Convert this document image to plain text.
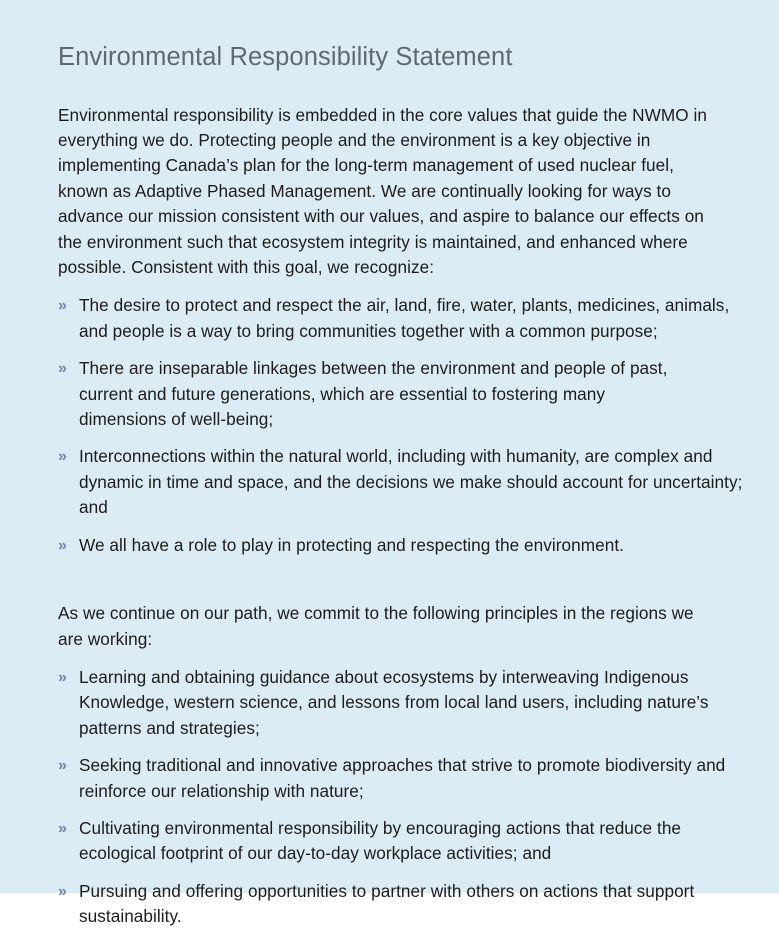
Environmental Responsibility Statement

Environmental responsibility is embedded in the core values that guide the NWMO in everything we do. Protecting people and the environment is a key objective in implementing Canada’s plan for the long-term management of used nuclear fuel, known as Adaptive Phased Management. We are continually looking for ways to advance our mission consistent with our values, and aspire to balance our effects on the environment such that ecosystem integrity is maintained, and enhanced where possible. Consistent with this goal, we recognize:

» The desire to protect and respect the air, land, fire, water, plants, medicines, animals, and people is a way to bring communities together with a common purpose;
» There are inseparable linkages between the environment and people of past, current and future generations, which are essential to fostering many dimensions of well-being;
» Interconnections within the natural world, including with humanity, are complex and dynamic in time and space, and the decisions we make should account for uncertainty; and
» We all have a role to play in protecting and respecting the environment.

As we continue on our path, we commit to the following principles in the regions we are working:

» Learning and obtaining guidance about ecosystems by interweaving Indigenous Knowledge, western science, and lessons from local land users, including nature’s patterns and strategies;
» Seeking traditional and innovative approaches that strive to promote biodiversity and reinforce our relationship with nature;
» Cultivating environmental responsibility by encouraging actions that reduce the ecological footprint of our day-to-day workplace activities; and
» Pursuing and offering opportunities to partner with others on actions that support sustainability.
